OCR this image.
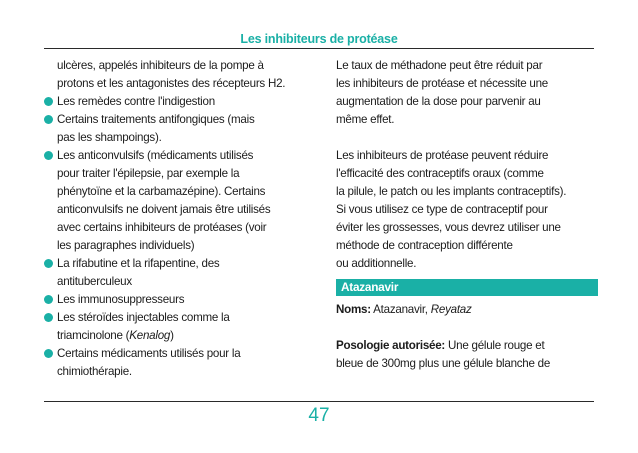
Les inhibiteurs de protéase
ulcères, appelés inhibiteurs de la pompe à
protons et les antagonistes des récepteurs H2.
Les remèdes contre l'indigestion
Certains traitements antifongiques (mais
pas les shampoings).
Les anticonvulsifs (médicaments utilisés
pour traiter l'épilepsie, par exemple la
phénytoïne et la carbamazépine). Certains
anticonvulsifs ne doivent jamais être utilisés
avec certains inhibiteurs de protéases (voir
les paragraphes individuels)
La rifabutine et la rifapentine, des
antituberculeux
Les immunosuppresseurs
Les stéroïdes injectables comme la
triamcinolone (Kenalog)
Certains médicaments utilisés pour la
chimiothérapie.
Le taux de méthadone peut être réduit par
les inhibiteurs de protéase et nécessite une
augmentation de la dose pour parvenir au
même effet.
Les inhibiteurs de protéase peuvent réduire
l'efficacité des contraceptifs oraux (comme
la pilule, le patch ou les implants contraceptifs).
Si vous utilisez ce type de contraceptif pour
éviter les grossesses, vous devrez utiliser une
méthode de contraception différente
ou additionnelle.
Atazanavir
Noms: Atazanavir, Reyataz
Posologie autorisée: Une gélule rouge et
bleue de 300mg plus une gélule blanche de
47
